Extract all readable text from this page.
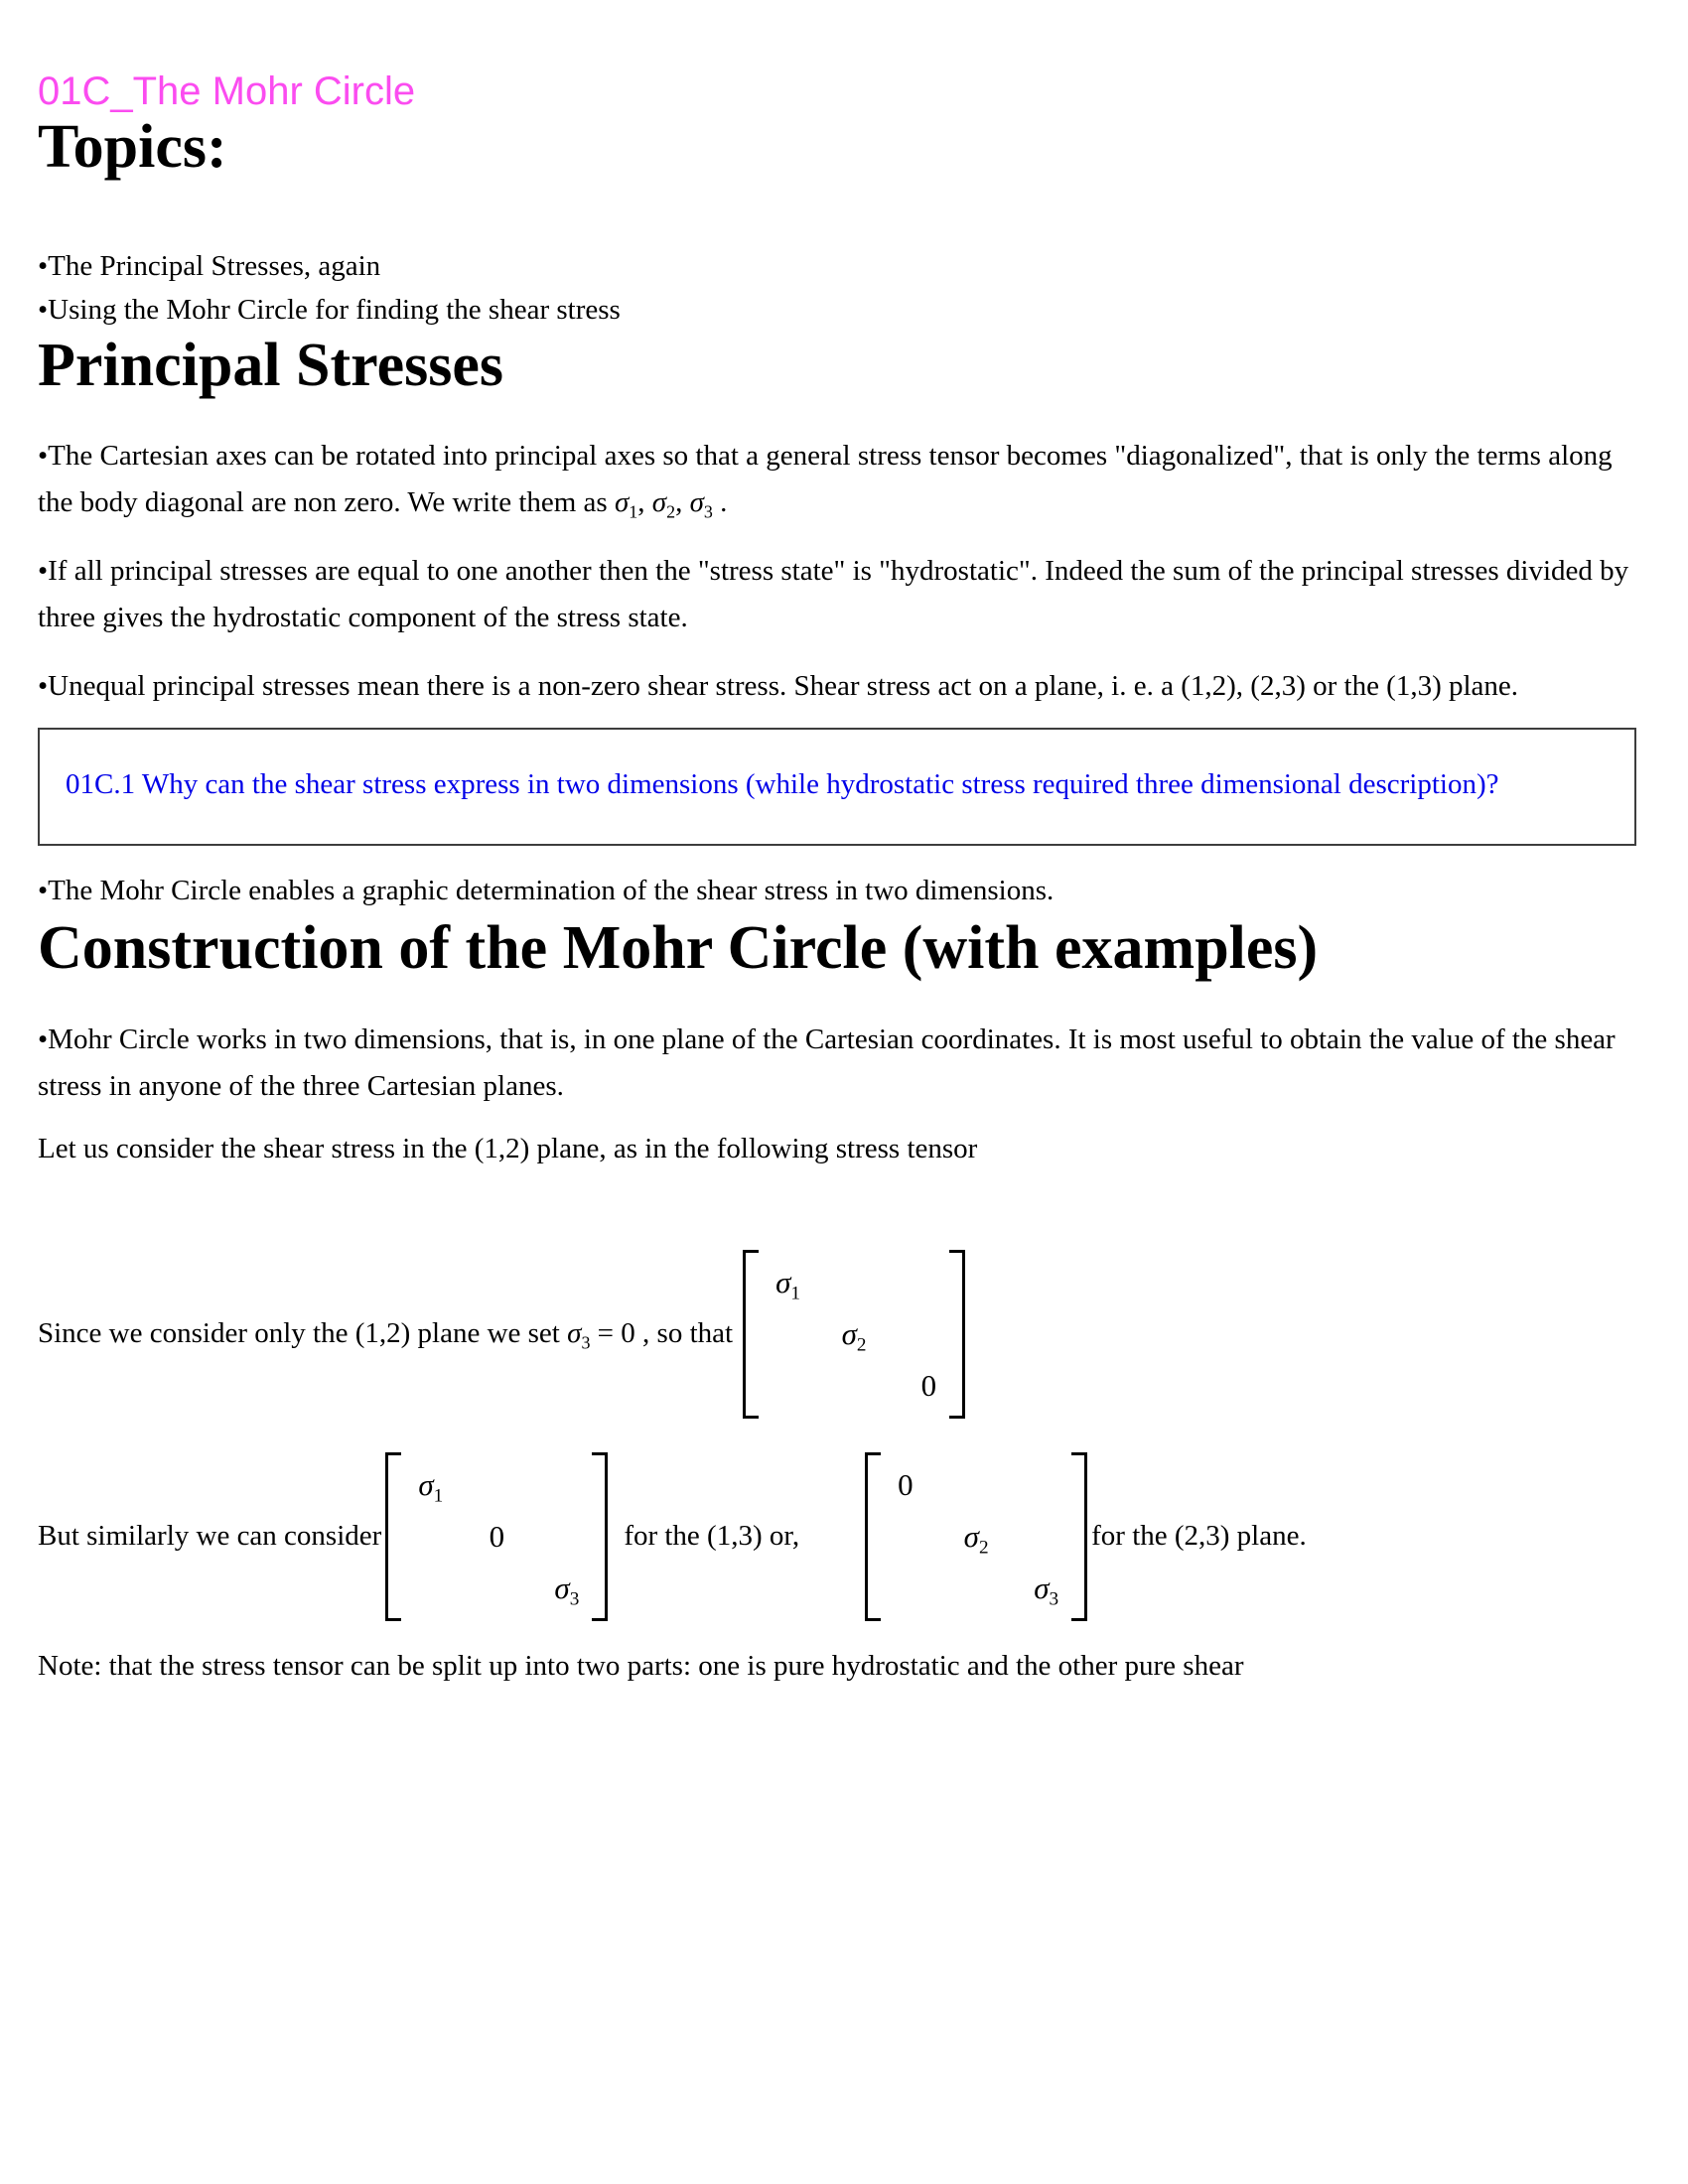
01C_The Mohr Circle
Topics:
•The Principal Stresses, again
•Using the Mohr Circle for finding the shear stress
Principal Stresses

•The Cartesian axes can be rotated into principal axes so that a general stress tensor becomes "diagonalized", that is only the terms along the body diagonal are non zero. We write them as $\sigma_1$, $\sigma_2$, $\sigma_3$ .

•If all principal stresses are equal to one another then the "stress state" is "hydrostatic". Indeed the sum of the principal stresses divided by three gives the hydrostatic component of the stress state.

•Unequal principal stresses mean there is a non-zero shear stress. Shear stress act on a plane, i. e. a (1,2), (2,3) or the (1,3) plane.

01C.1 Why can the shear stress express in two dimensions (while hydrostatic stress required three dimensional description)?

•The Mohr Circle enables a graphic determination of the shear stress in two dimensions.

Construction of the Mohr Circle (with examples)

•Mohr Circle works in two dimensions, that is, in one plane of the Cartesian coordinates. It is most useful to obtain the value of the shear stress in anyone of the three Cartesian planes.

Let us consider the shear stress in the (1,2) plane, as in the following stress tensor

Since we consider only the (1,2) plane we set $\sigma_3 = 0$ , so that
$\sigma_1$
$\sigma_2$
0
But similarly we can consider
$\sigma_1$
0
$\sigma_3$
for the (1,3) or,
0
$\sigma_2$
$\sigma_3$
for the (2,3) plane.

Note: that the stress tensor can be split up into two parts: one is pure hydrostatic and the other pure shear
